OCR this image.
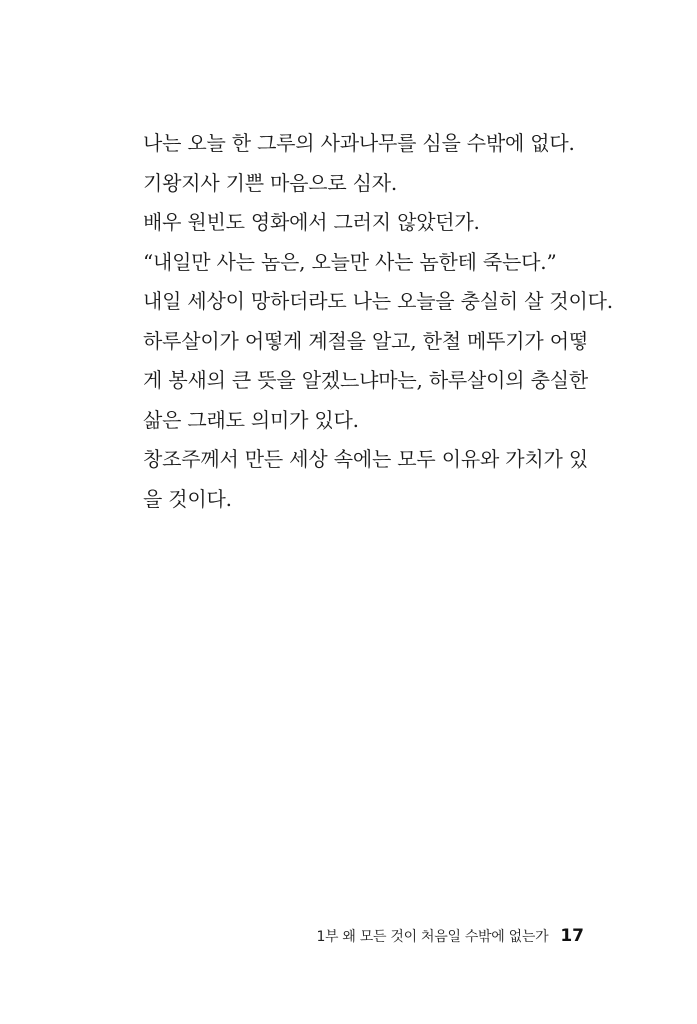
나는 오늘 한 그루의 사과나무를 심을 수밖에 없다.
기왕지사 기쁜 마음으로 심자.
배우 원빈도 영화에서 그러지 않았던가.
“내일만 사는 놈은, 오늘만 사는 놈한테 죽는다.”
내일 세상이 망하더라도 나는 오늘을 충실히 살 것이다.
하루살이가 어떻게 계절을 알고, 한철 메뚜기가 어떻
게 봉새의 큰 뜻을 알겠느냐마는, 하루살이의 충실한
삶은 그래도 의미가 있다.
창조주께서 만든 세상 속에는 모두 이유와 가치가 있
을 것이다.
1부 왜 모든 것이 처음일 수밖에 없는가 17
